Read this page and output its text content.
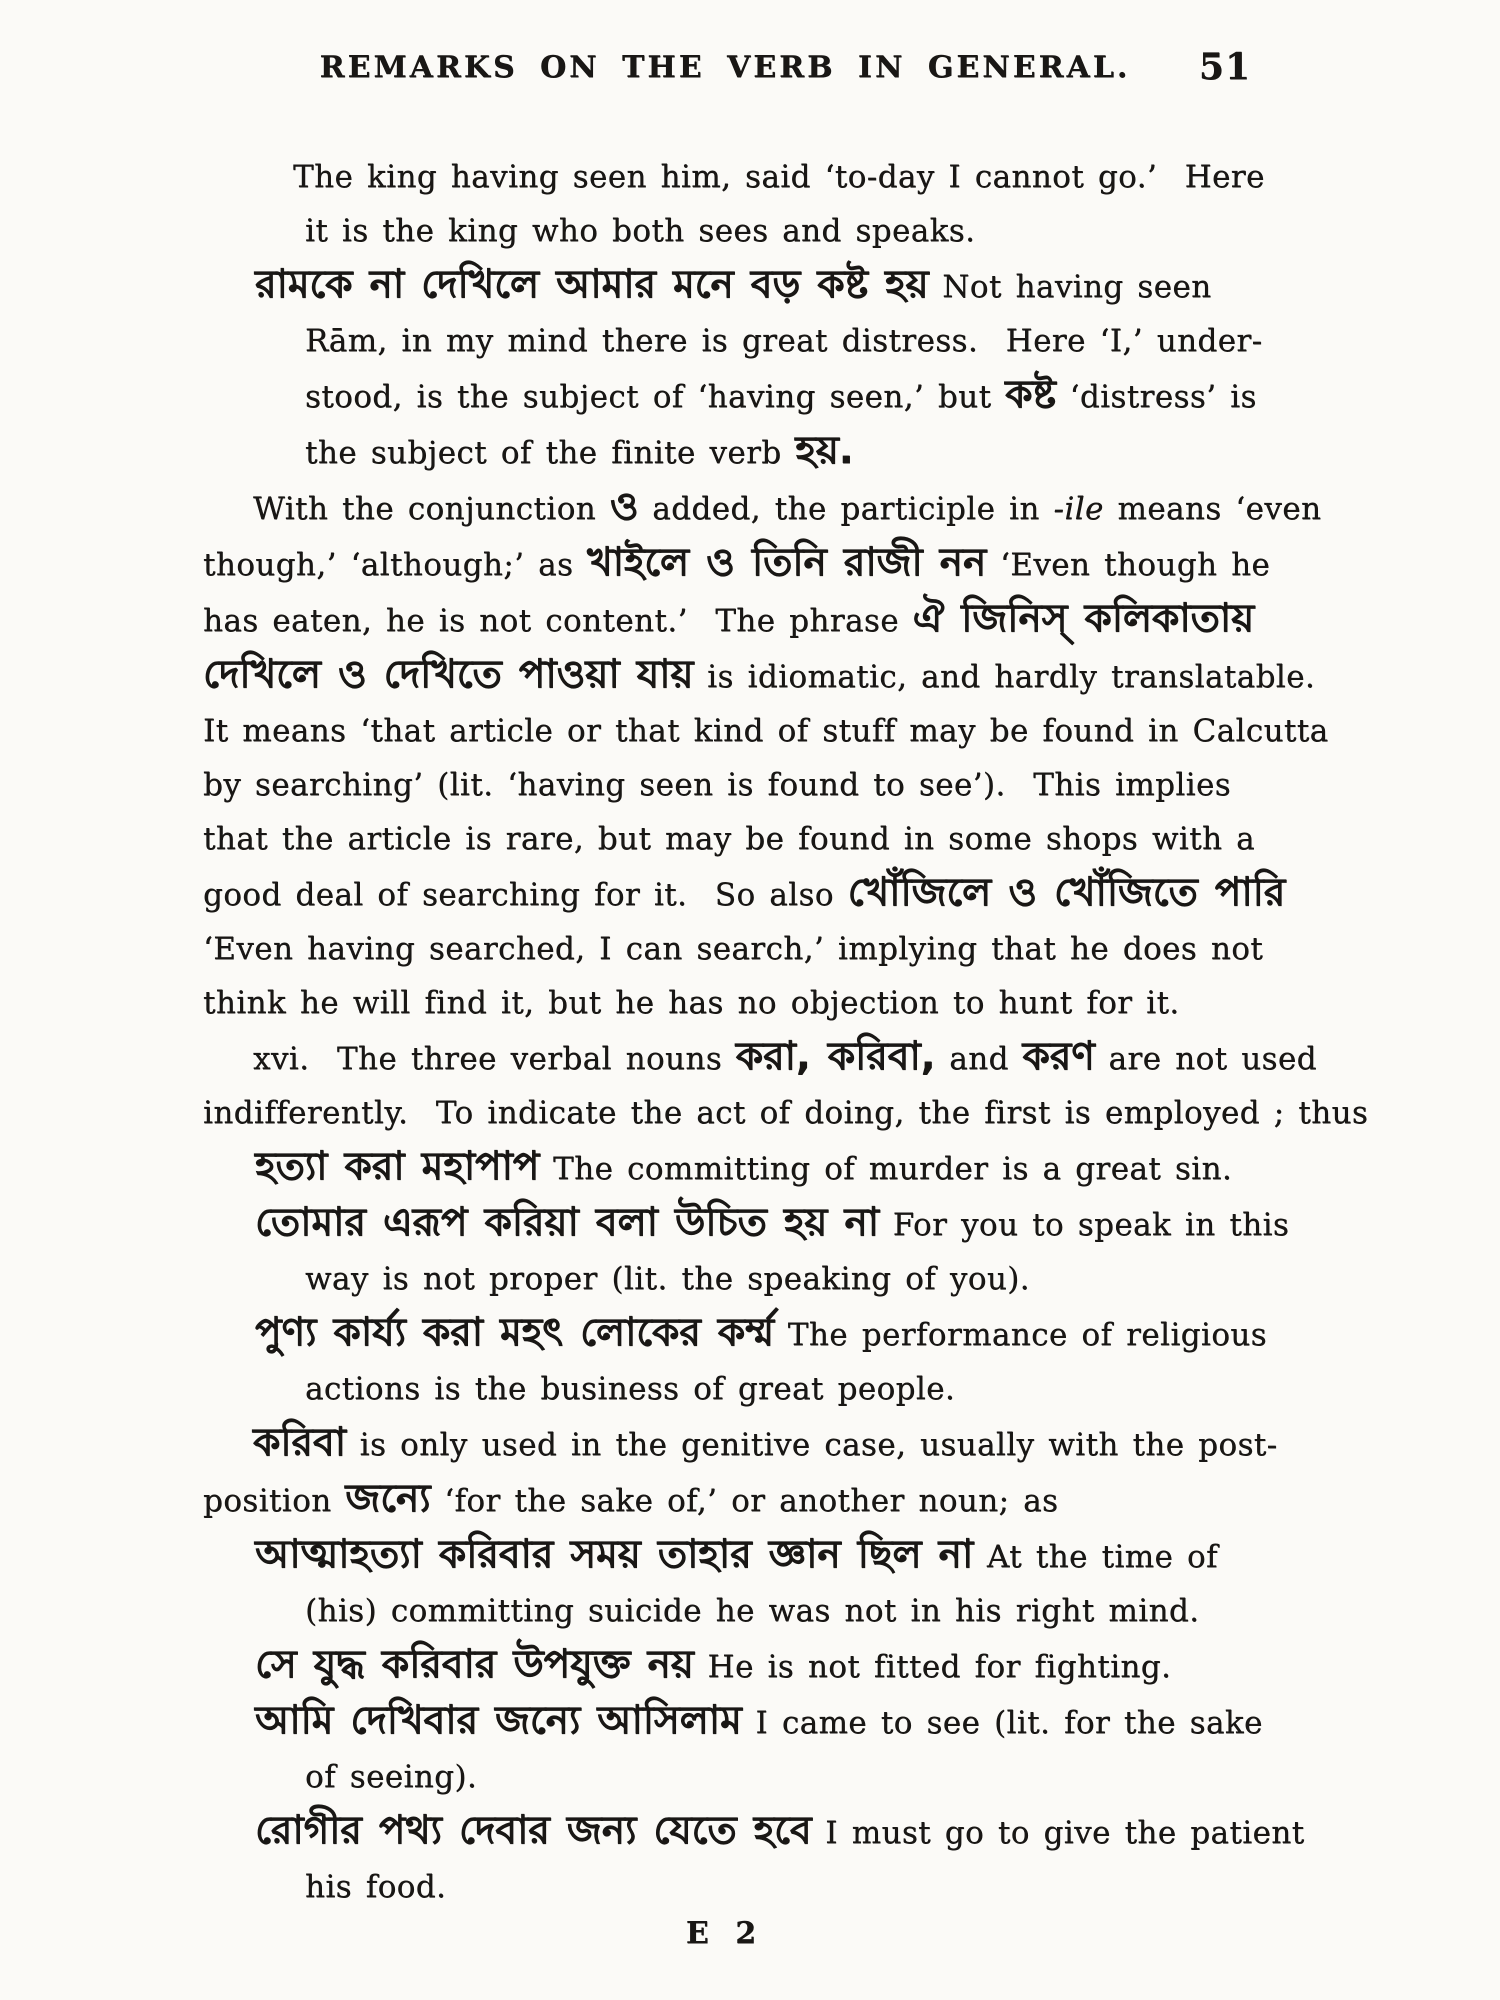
REMARKS ON THE VERB IN GENERAL.	51
The king having seen him, said ‘to-day I cannot go.’  Here
it is the king who both sees and speaks.
রামকে না দেখিলে আমার মনে বড় কষ্ট হয় Not having seen
Rām, in my mind there is great distress.  Here ‘I,’ under-
stood, is the subject of ‘having seen,’ but কষ্ট ‘distress’ is
the subject of the finite verb হয়.
With the conjunction ও added, the participle in -ile means ‘even
though,’ ‘although;’ as খাইলে ও তিনি রাজী নন ‘Even though he
has eaten, he is not content.’  The phrase ঐ জিনিস্ কলিকাতায়
দেখিলে ও দেখিতে পাওয়া যায় is idiomatic, and hardly translatable.
It means ‘that article or that kind of stuff may be found in Calcutta
by searching’ (lit. ‘having seen is found to see’).  This implies
that the article is rare, but may be found in some shops with a
good deal of searching for it.  So also খোঁজিলে ও খোঁজিতে পারি
‘Even having searched, I can search,’ implying that he does not
think he will find it, but he has no objection to hunt for it.
xvi.  The three verbal nouns করা, করিবা, and করণ are not used
indifferently.  To indicate the act of doing, the first is employed ; thus
হত্যা করা মহাপাপ The committing of murder is a great sin.
তোমার এরূপ করিয়া বলা উচিত হয় না For you to speak in this
way is not proper (lit. the speaking of you).
পুণ্য কার্য্য করা মহৎ লোকের কর্ম্ম The performance of religious
actions is the business of great people.
করিবা is only used in the genitive case, usually with the post-
position জন্যে ‘for the sake of,’ or another noun; as
আত্মাহত্যা করিবার সময় তাহার জ্ঞান ছিল না At the time of
(his) committing suicide he was not in his right mind.
সে যুদ্ধ করিবার উপযুক্ত নয় He is not fitted for fighting.
আমি দেখিবার জন্যে আসিলাম I came to see (lit. for the sake
of seeing).
রোগীর পথ্য দেবার জন্য যেতে হবে I must go to give the patient
his food.
E 2
